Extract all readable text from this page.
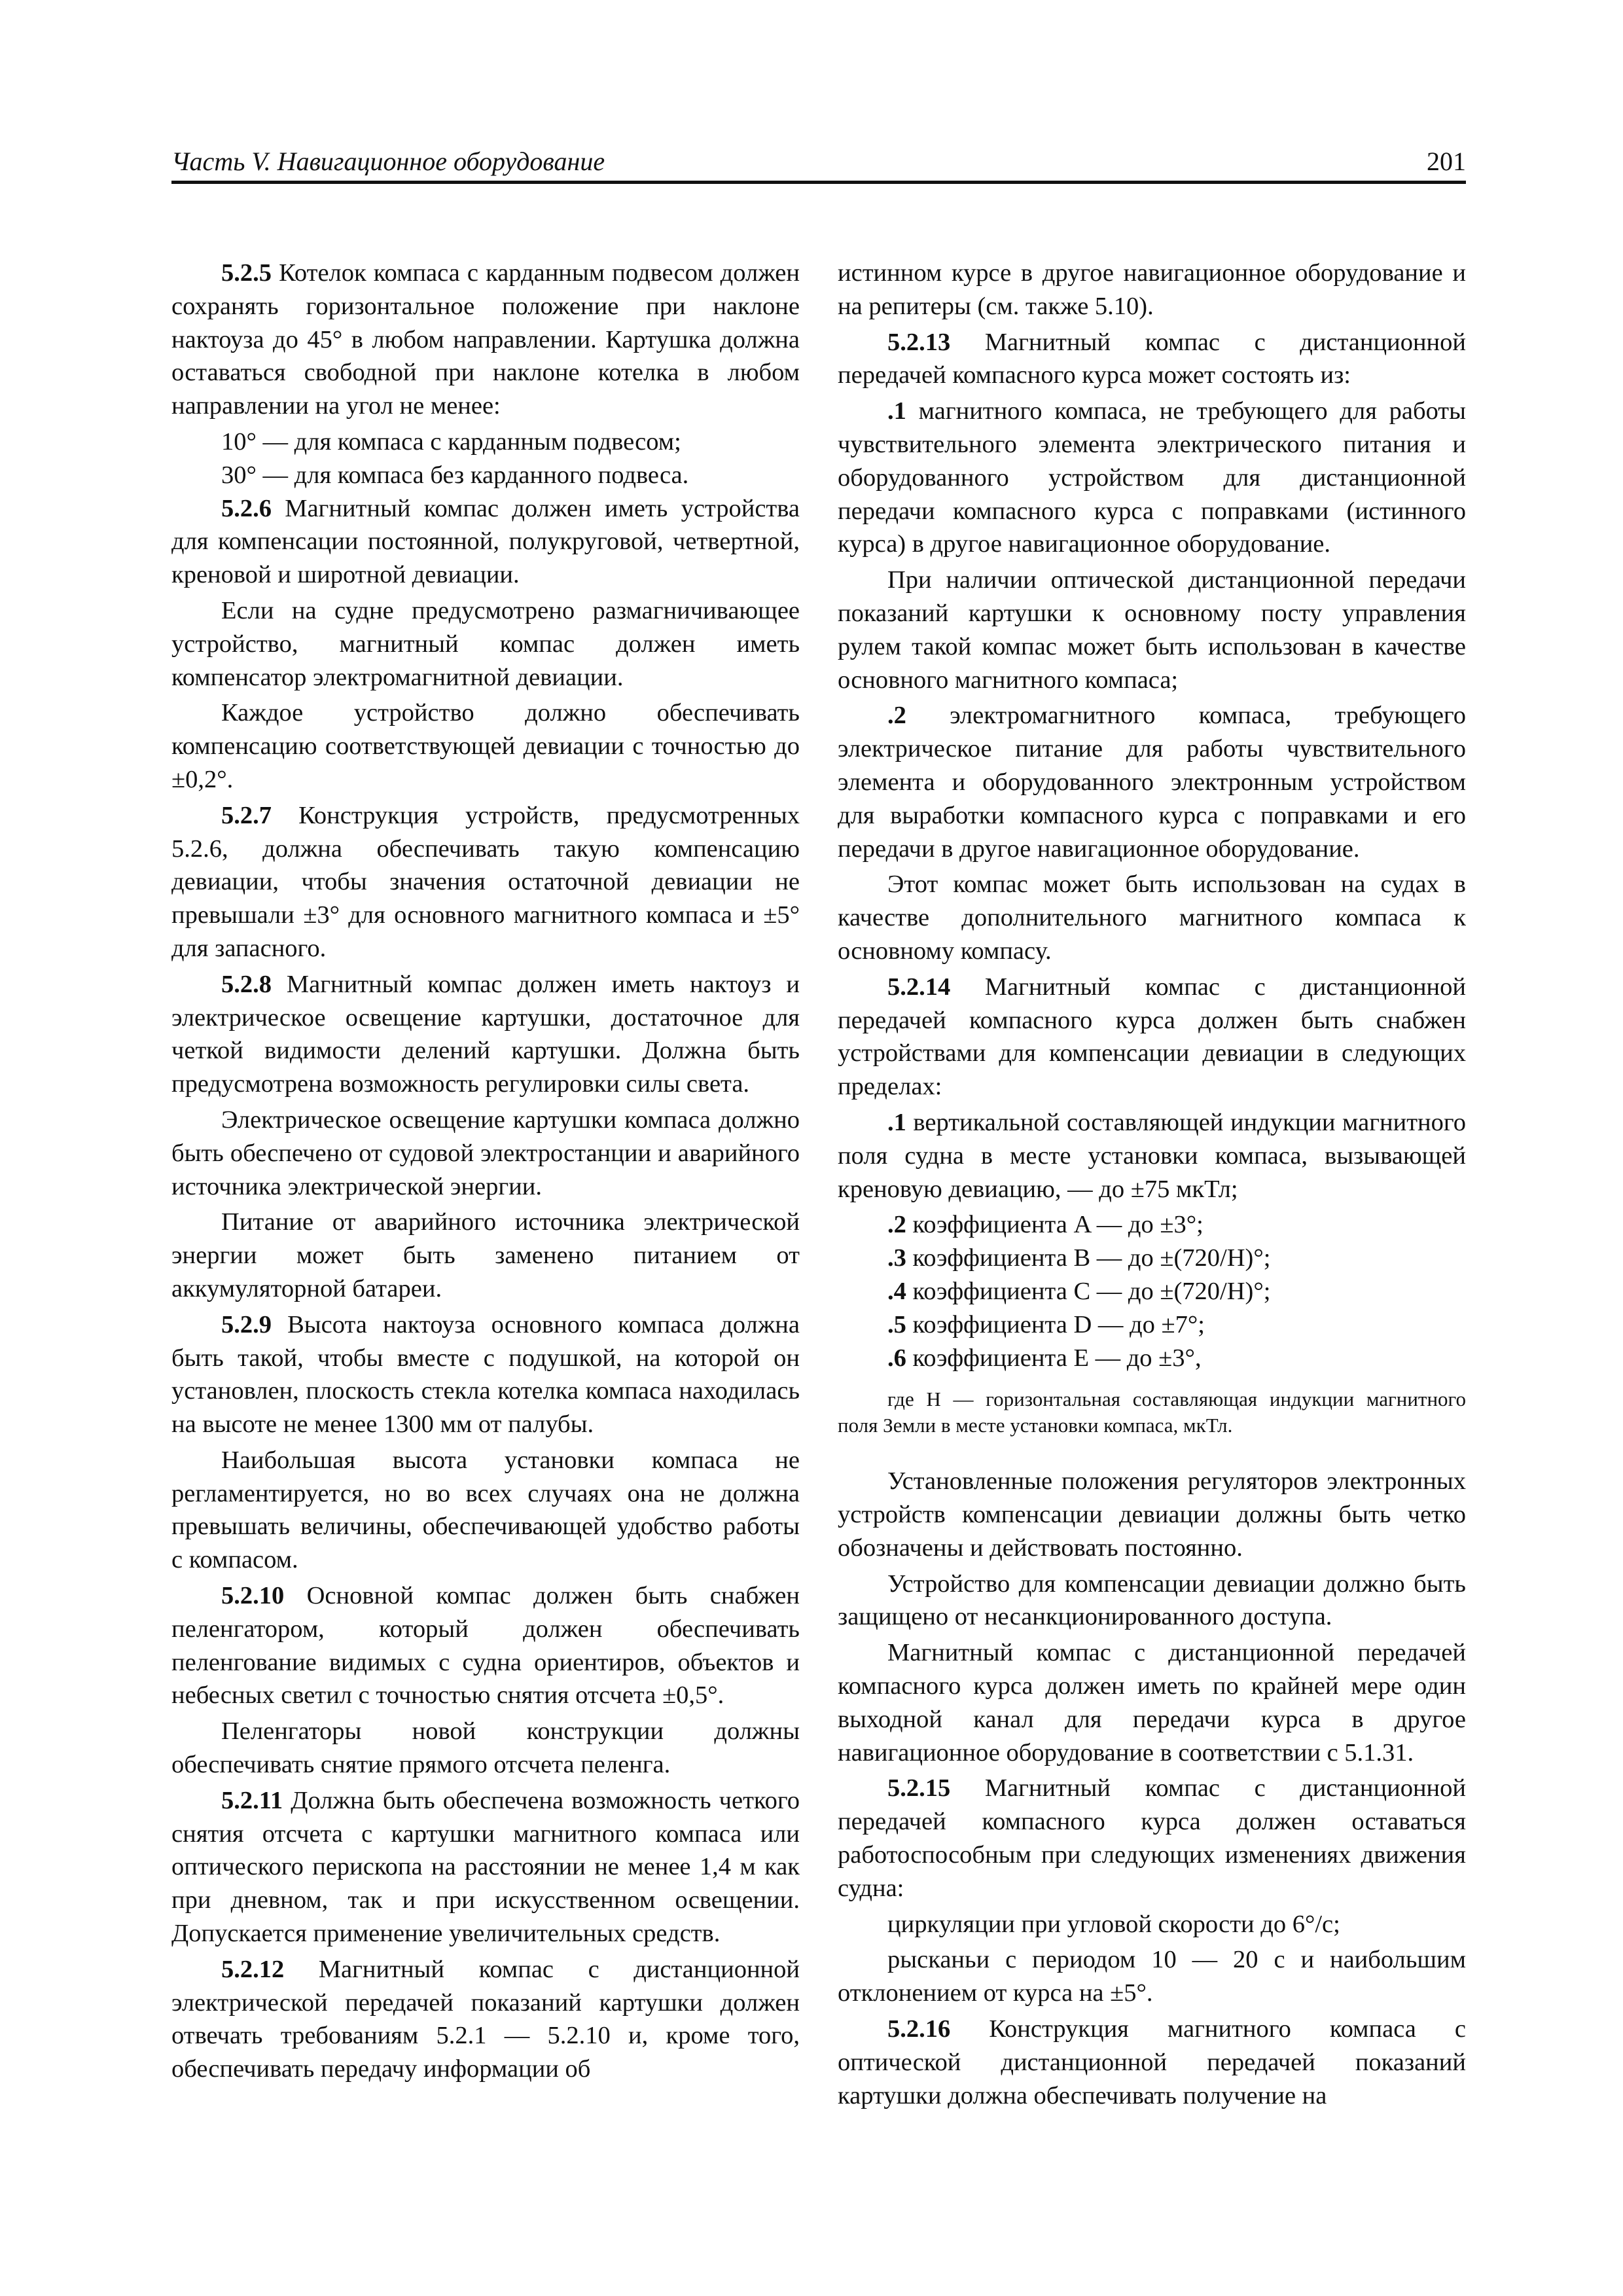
Часть V. Навигационное оборудование	201

5.2.5 Котелок компаса с карданным подвесом должен сохранять горизонтальное положение при наклоне нактоуза до 45° в любом направлении. Картушка должна оставаться свободной при наклоне котелка в любом направлении на угол не менее:

10° — для компаса с карданным подвесом;

30° — для компаса без карданного подвеса.

5.2.6 Магнитный компас должен иметь устройства для компенсации постоянной, полукруговой, четвертной, креновой и широтной девиации.

Если на судне предусмотрено размагничивающее устройство, магнитный компас должен иметь компенсатор электромагнитной девиации.

Каждое устройство должно обеспечивать компенсацию соответствующей девиации с точностью до ±0,2°.

5.2.7 Конструкция устройств, предусмотренных 5.2.6, должна обеспечивать такую компенсацию девиации, чтобы значения остаточной девиации не превышали ±3° для основного магнитного компаса и ±5° для запасного.

5.2.8 Магнитный компас должен иметь нактоуз и электрическое освещение картушки, достаточное для четкой видимости делений картушки. Должна быть предусмотрена возможность регулировки силы света.

Электрическое освещение картушки компаса должно быть обеспечено от судовой электростанции и аварийного источника электрической энергии.

Питание от аварийного источника электрической энергии может быть заменено питанием от аккумуляторной батареи.

5.2.9 Высота нактоуза основного компаса должна быть такой, чтобы вместе с подушкой, на которой он установлен, плоскость стекла котелка компаса находилась на высоте не менее 1300 мм от палубы.

Наибольшая высота установки компаса не регламентируется, но во всех случаях она не должна превышать величины, обеспечивающей удобство работы с компасом.

5.2.10 Основной компас должен быть снабжен пеленгатором, который должен обеспечивать пеленгование видимых с судна ориентиров, объектов и небесных светил с точностью снятия отсчета ±0,5°.

Пеленгаторы новой конструкции должны обеспечивать снятие прямого отсчета пеленга.

5.2.11 Должна быть обеспечена возможность четкого снятия отсчета с картушки магнитного компаса или оптического перископа на расстоянии не менее 1,4 м как при дневном, так и при искусственном освещении. Допускается применение увеличительных средств.

5.2.12 Магнитный компас с дистанционной электрической передачей показаний картушки должен отвечать требованиям 5.2.1 — 5.2.10 и, кроме того, обеспечивать передачу информации об

истинном курсе в другое навигационное оборудование и на репитеры (см. также 5.10).

5.2.13 Магнитный компас с дистанционной передачей компасного курса может состоять из:

.1 магнитного компаса, не требующего для работы чувствительного элемента электрического питания и оборудованного устройством для дистанционной передачи компасного курса с поправками (истинного курса) в другое навигационное оборудование.

При наличии оптической дистанционной передачи показаний картушки к основному посту управления рулем такой компас может быть использован в качестве основного магнитного компаса;

.2 электромагнитного компаса, требующего электрическое питание для работы чувствительного элемента и оборудованного электронным устройством для выработки компасного курса с поправками и его передачи в другое навигационное оборудование.

Этот компас может быть использован на судах в качестве дополнительного магнитного компаса к основному компасу.

5.2.14 Магнитный компас с дистанционной передачей компасного курса должен быть снабжен устройствами для компенсации девиации в следующих пределах:

.1 вертикальной составляющей индукции магнитного поля судна в месте установки компаса, вызывающей креновую девиацию, — до ±75 мкТл;

.2 коэффициента A — до ±3°;

.3 коэффициента B — до ±(720/H)°;

.4 коэффициента C — до ±(720/H)°;

.5 коэффициента D — до ±7°;

.6 коэффициента E — до ±3°,

где H — горизонтальная составляющая индукции магнитного поля Земли в месте установки компаса, мкТл.

Установленные положения регуляторов электронных устройств компенсации девиации должны быть четко обозначены и действовать постоянно.

Устройство для компенсации девиации должно быть защищено от несанкционированного доступа.

Магнитный компас с дистанционной передачей компасного курса должен иметь по крайней мере один выходной канал для передачи курса в другое навигационное оборудование в соответствии с 5.1.31.

5.2.15 Магнитный компас с дистанционной передачей компасного курса должен оставаться работоспособным при следующих изменениях движения судна:

циркуляции при угловой скорости до 6°/с;

рысканьи с периодом 10 — 20 с и наибольшим отклонением от курса на ±5°.

5.2.16 Конструкция магнитного компаса с оптической дистанционной передачей показаний картушки должна обеспечивать получение на
